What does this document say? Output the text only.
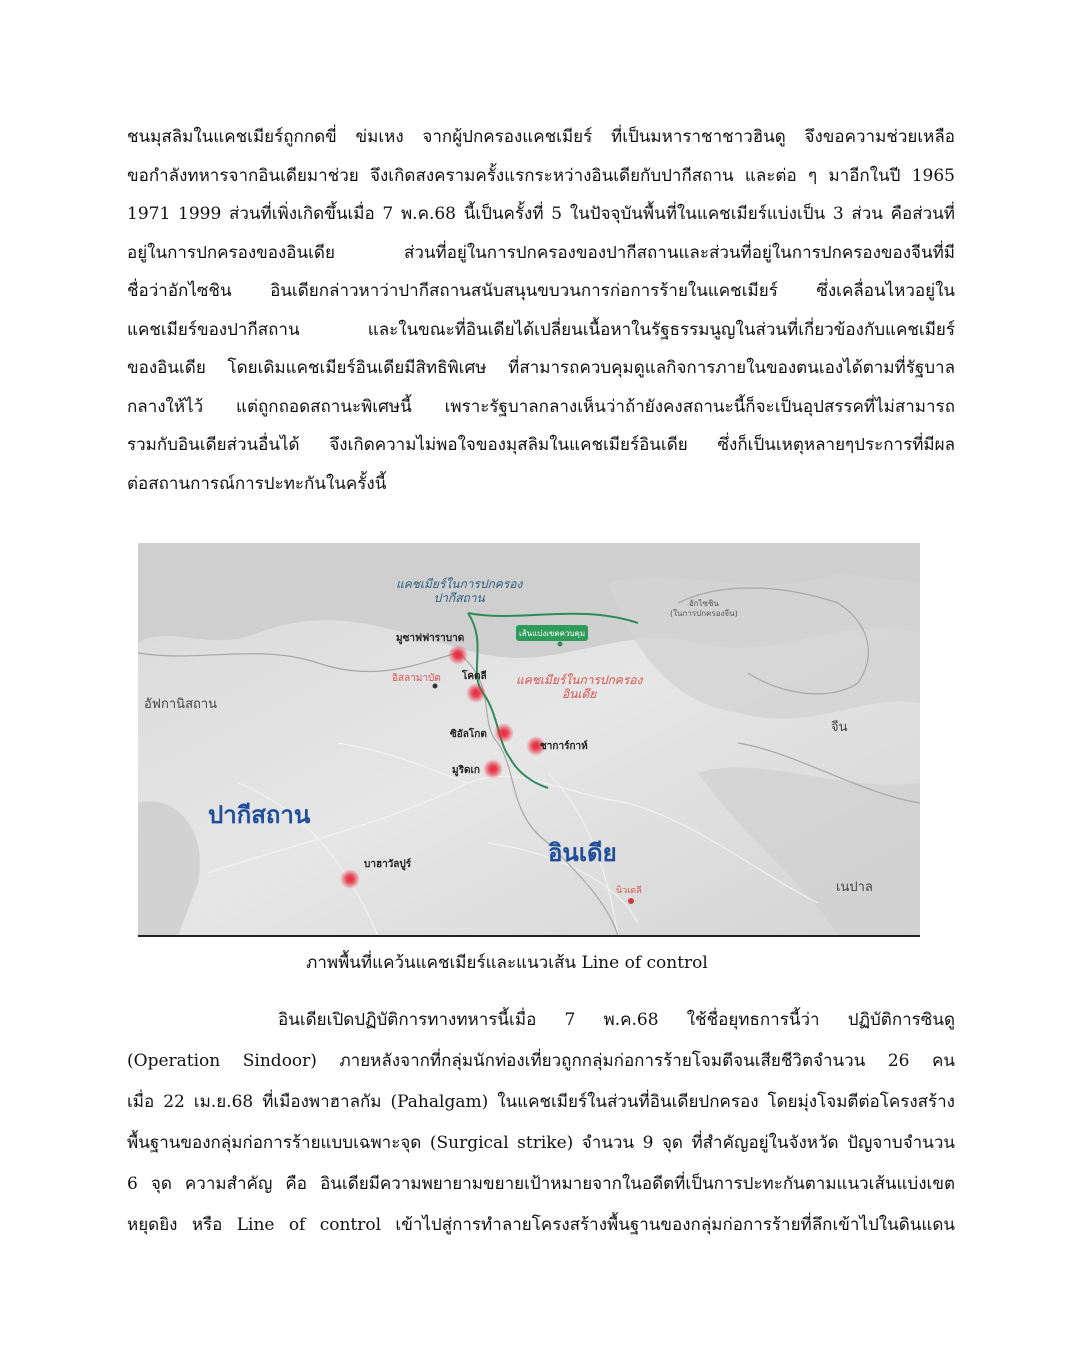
ชนมุสลิมในแคชเมียร์ถูกกดขี่ ข่มเหง จากผู้ปกครองแคชเมียร์ ที่เป็นมหาราชาชาวฮินดู จึงขอความช่วยเหลือ
ขอกำลังทหารจากอินเดียมาช่วย จึงเกิดสงครามครั้งแรกระหว่างอินเดียกับปากีสถาน และต่อ ๆ มาอีกในปี 1965
1971 1999 ส่วนที่เพิ่งเกิดขึ้นเมื่อ 7 พ.ค.68 นี้เป็นครั้งที่ 5 ในปัจจุบันพื้นที่ในแคชเมียร์แบ่งเป็น 3 ส่วน คือส่วนที่
อยู่ในการปกครองของอินเดีย ส่วนที่อยู่ในการปกครองของปากีสถานและส่วนที่อยู่ในการปกครองของจีนที่มี
ชื่อว่าอักไซชิน อินเดียกล่าวหาว่าปากีสถานสนับสนุนขบวนการก่อการร้ายในแคชเมียร์ ซึ่งเคลื่อนไหวอยู่ใน
แคชเมียร์ของปากีสถาน และในขณะที่อินเดียได้เปลี่ยนเนื้อหาในรัฐธรรมนูญในส่วนที่เกี่ยวข้องกับแคชเมียร์
ของอินเดีย โดยเดิมแคชเมียร์อินเดียมีสิทธิพิเศษ ที่สามารถควบคุมดูแลกิจการภายในของตนเองได้ตามที่รัฐบาล
กลางให้ไว้ แต่ถูกถอดสถานะพิเศษนี้ เพราะรัฐบาลกลางเห็นว่าถ้ายังคงสถานะนี้ก็จะเป็นอุปสรรคที่ไม่สามารถ
รวมกับอินเดียส่วนอื่นได้ จึงเกิดความไม่พอใจของมุสลิมในแคชเมียร์อินเดีย ซึ่งก็เป็นเหตุหลายๆประการที่มีผล
ต่อสถานการณ์การปะทะกันในครั้งนี้
แคชเมียร์ในการปกครอง
ปากีสถาน
เส้นแบ่งเขตควบคุม
อักไซชิน
(ในการปกครองจีน)
มูซาฟฟาราบาด
อิสลามาบัด โคตลี แคชเมียร์ในการปกครอง
อินเดีย
อัฟกานิสถาน
จีน
ซิอัลโกต
ชาการ์กาห์
มูริดเก
ปากีสถาน
บาฮาวัลปูร์	อินเดีย
นิวเดลี	เนปาล
ภาพพื้นที่แคว้นแคชเมียร์และแนวเส้น Line of control
อินเดียเปิดปฏิบัติการทางทหารนี้เมื่อ 7 พ.ค.68 ใช้ชื่อยุทธการนี้ว่า ปฏิบัติการซินดู
(Operation Sindoor) ภายหลังจากที่กลุ่มนักท่องเที่ยวถูกกลุ่มก่อการร้ายโจมตีจนเสียชีวิตจำนวน 26 คน
เมื่อ 22 เม.ย.68 ที่เมืองพาฮาลกัม (Pahalgam) ในแคชเมียร์ในส่วนที่อินเดียปกครอง โดยมุ่งโจมตีต่อโครงสร้าง
พื้นฐานของกลุ่มก่อการร้ายแบบเฉพาะจุด (Surgical strike) จำนวน 9 จุด ที่สำคัญอยู่ในจังหวัด ปัญจาบจำนวน
6 จุด ความสำคัญ คือ อินเดียมีความพยายามขยายเป้าหมายจากในอดีตที่เป็นการปะทะกันตามแนวเส้นแบ่งเขต
หยุดยิง หรือ Line of control เข้าไปสู่การทำลายโครงสร้างพื้นฐานของกลุ่มก่อการร้ายที่ลึกเข้าไปในดินแดน
